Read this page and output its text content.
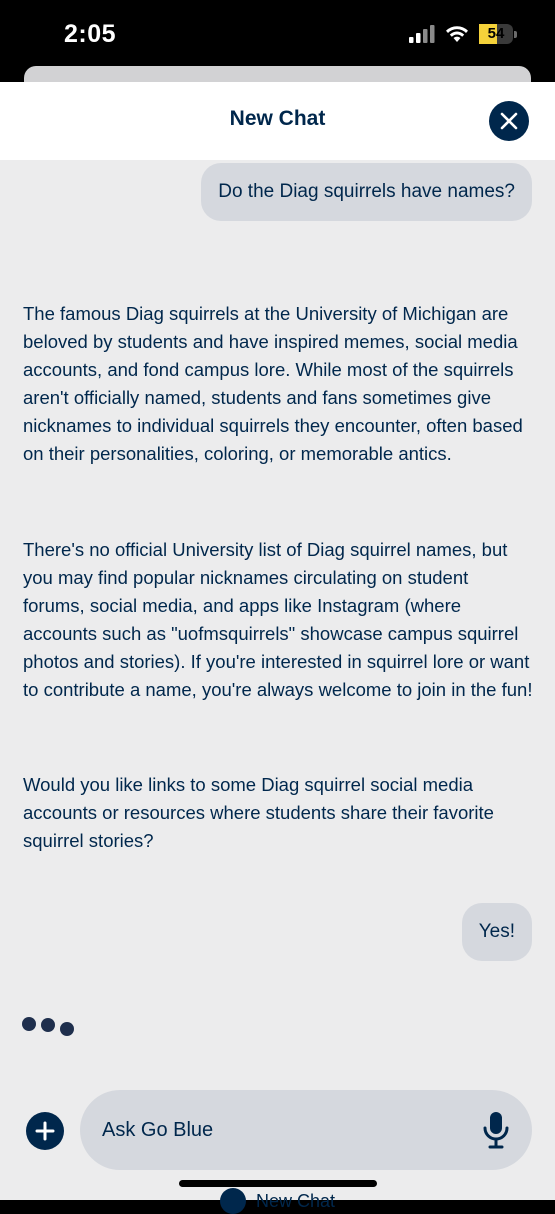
2:05	54
New Chat
Do the Diag squirrels have names?

The famous Diag squirrels at the University of Michigan are beloved by students and have inspired memes, social media accounts, and fond campus lore. While most of the squirrels aren't officially named, students and fans sometimes give nicknames to individual squirrels they encounter, often based on their personalities, coloring, or memorable antics.

There's no official University list of Diag squirrel names, but you may find popular nicknames circulating on student forums, social media, and apps like Instagram (where accounts such as "uofmsquirrels" showcase campus squirrel photos and stories). If you're interested in squirrel lore or want to contribute a name, you're always welcome to join in the fun!

Would you like links to some Diag squirrel social media accounts or resources where students share their favorite squirrel stories?

Yes!
Ask Go Blue
New Chat
